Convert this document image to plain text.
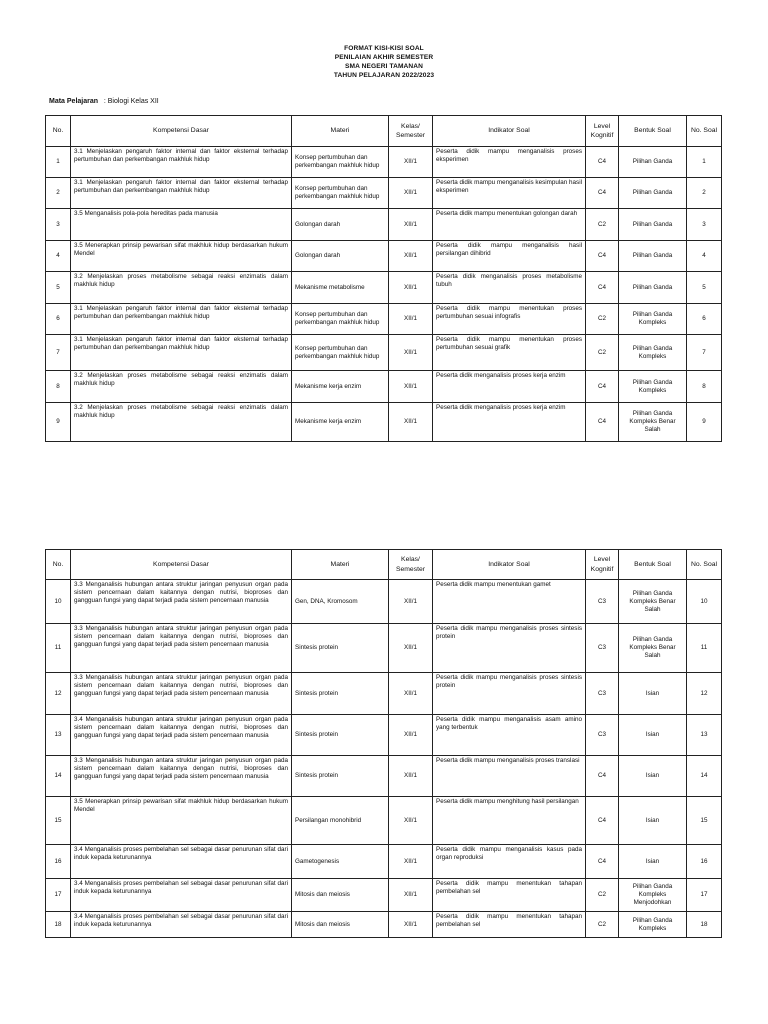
FORMAT KISI-KISI SOAL
PENILAIAN AKHIR SEMESTER
SMA NEGERI TAMANAN
TAHUN PELAJARAN 2022/2023
Mata Pelajaran : Biologi Kelas XII
No.	Kompetensi Dasar	Materi	Kelas/ Semester	Indikator Soal	Level Kognitif	Bentuk Soal	No. Soal
1	3.1 Menjelaskan pengaruh faktor internal dan faktor eksternal terhadap pertumbuhan dan perkembangan makhluk hidup	Konsep pertumbuhan dan perkembangan makhluk hidup	XII/1	Peserta didik mampu menganalisis proses eksperimen	C4	Pilihan Ganda	1
2	3.1 Menjelaskan pengaruh faktor internal dan faktor eksternal terhadap pertumbuhan dan perkembangan makhluk hidup	Konsep pertumbuhan dan perkembangan makhluk hidup	XII/1	Peserta didik mampu menganalisis kesimpulan hasil eksperimen	C4	Pilihan Ganda	2
3	3.5 Menganalisis pola-pola hereditas pada manusia	Golongan darah	XII/1	Peserta didik mampu menentukan golongan darah	C2	Pilihan Ganda	3
4	3.5 Menerapkan prinsip pewarisan sifat makhluk hidup berdasarkan hukum Mendel	Golongan darah	XII/1	Peserta didik mampu menganalisis hasil persilangan dihibrid	C4	Pilihan Ganda	4
5	3.2 Menjelaskan proses metabolisme sebagai reaksi enzimatis dalam makhluk hidup	Mekanisme metabolisme	XII/1	Peserta didik menganalisis proses metabolisme tubuh	C4	Pilihan Ganda	5
6	3.1 Menjelaskan pengaruh faktor internal dan faktor eksternal terhadap pertumbuhan dan perkembangan makhluk hidup	Konsep pertumbuhan dan perkembangan makhluk hidup	XII/1	Peserta didik mampu menentukan proses pertumbuhan sesuai infografis	C2	Pilihan Ganda Kompleks	6
7	3.1 Menjelaskan pengaruh faktor internal dan faktor eksternal terhadap pertumbuhan dan perkembangan makhluk hidup	Konsep pertumbuhan dan perkembangan makhluk hidup	XII/1	Peserta didik mampu menentukan proses pertumbuhan sesuai grafik	C2	Pilihan Ganda Kompleks	7
8	3.2 Menjelaskan proses metabolisme sebagai reaksi enzimatis dalam makhluk hidup	Mekanisme kerja enzim	XII/1	Peserta didik menganalisis proses kerja enzim	C4	Pilihan Ganda Kompleks	8
9	3.2 Menjelaskan proses metabolisme sebagai reaksi enzimatis dalam makhluk hidup	Mekanisme kerja enzim	XII/1	Peserta didik menganalisis proses kerja enzim	C4	Pilihan Ganda Kompleks Benar Salah	9
No.	Kompetensi Dasar	Materi	Kelas/ Semester	Indikator Soal	Level Kognitif	Bentuk Soal	No. Soal
10	3.3 Menganalisis hubungan antara struktur jaringan penyusun organ pada sistem pencernaan dalam kaitannya dengan nutrisi, bioproses dan gangguan fungsi yang dapat terjadi pada sistem pencernaan manusia	Gen, DNA, Kromosom	XII/1	Peserta didik mampu menentukan gamet	C3	Pilihan Ganda Kompleks Benar Salah	10
11	3.3 Menganalisis hubungan antara struktur jaringan penyusun organ pada sistem pencernaan dalam kaitannya dengan nutrisi, bioproses dan gangguan fungsi yang dapat terjadi pada sistem pencernaan manusia	Sintesis protein	XII/1	Peserta didik mampu menganalisis proses sintesis protein	C3	Pilihan Ganda Kompleks Benar Salah	11
12	3.3 Menganalisis hubungan antara struktur jaringan penyusun organ pada sistem pencernaan dalam kaitannya dengan nutrisi, bioproses dan gangguan fungsi yang dapat terjadi pada sistem pencernaan manusia	Sintesis protein	XII/1	Peserta didik mampu menganalisis proses sintesis protein	C3	Isian	12
13	3.4 Menganalisis hubungan antara struktur jaringan penyusun organ pada sistem pencernaan dalam kaitannya dengan nutrisi, bioproses dan gangguan fungsi yang dapat terjadi pada sistem pencernaan manusia	Sintesis protein	XII/1	Peserta didik mampu menganalisis asam amino yang terbentuk	C3	Isian	13
14	3.3 Menganalisis hubungan antara struktur jaringan penyusun organ pada sistem pencernaan dalam kaitannya dengan nutrisi, bioproses dan gangguan fungsi yang dapat terjadi pada sistem pencernaan manusia	Sintesis protein	XII/1	Peserta didik mampu menganalisis proses translasi	C4	Isian	14
15	3.5 Menerapkan prinsip pewarisan sifat makhluk hidup berdasarkan hukum Mendel	Persilangan monohibrid	XII/1	Peserta didik mampu menghitung hasil persilangan	C4	Isian	15
16	3.4 Menganalisis proses pembelahan sel sebagai dasar penurunan sifat dari induk kepada keturunannya	Gametogenesis	XII/1	Peserta didik mampu menganalisis kasus pada organ reproduksi	C4	Isian	16
17	3.4 Menganalisis proses pembelahan sel sebagai dasar penurunan sifat dari induk kepada keturunannya	Mitosis dan meiosis	XII/1	Peserta didik mampu menentukan tahapan pembelahan sel	C2	Pilihan Ganda Kompleks Menjodohkan	17
18	3.4 Menganalisis proses pembelahan sel sebagai dasar penurunan sifat dari induk kepada keturunannya	Mitosis dan meiosis	XII/1	Peserta didik mampu menentukan tahapan pembelahan sel	C2	Pilihan Ganda Kompleks	18
